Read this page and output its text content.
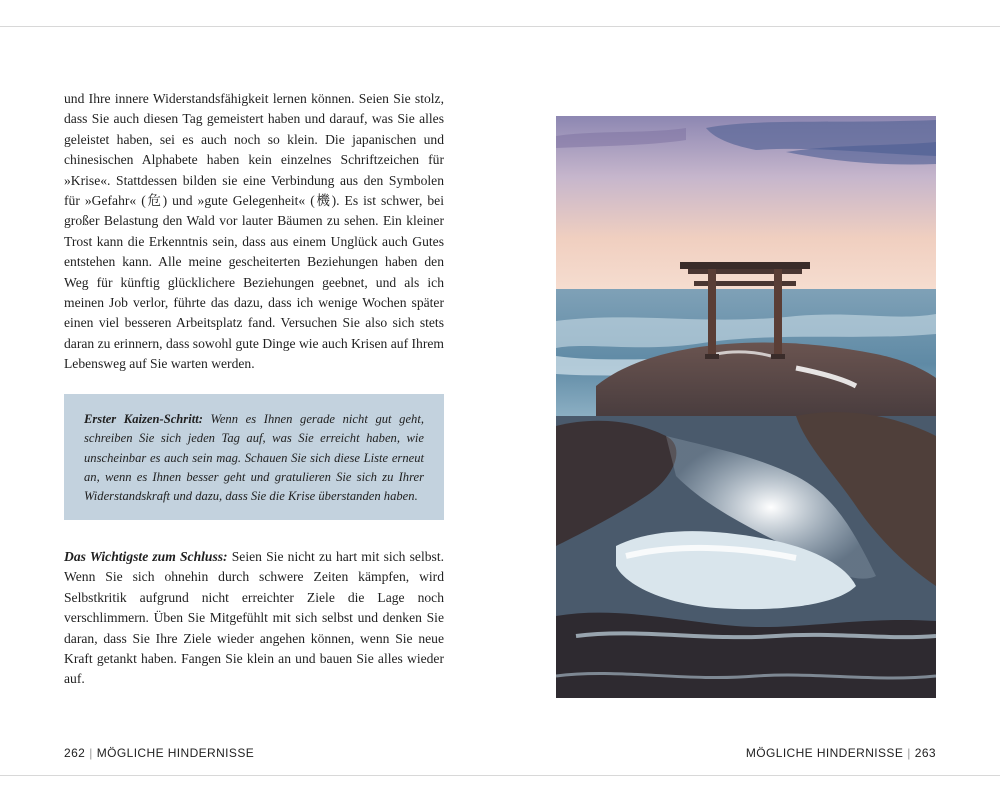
und Ihre innere Widerstandsfähigkeit lernen können. Seien Sie stolz, dass Sie auch diesen Tag gemeistert haben und darauf, was Sie alles geleistet haben, sei es auch noch so klein. Die japanischen und chinesischen Alphabete haben kein einzelnes Schriftzeichen für »Krise«. Stattdessen bilden sie eine Verbindung aus den Symbolen für »Gefahr« (危) und »gute Gelegenheit« (機). Es ist schwer, bei großer Belastung den Wald vor lauter Bäumen zu sehen. Ein kleiner Trost kann die Erkenntnis sein, dass aus einem Unglück auch Gutes entstehen kann. Alle meine gescheiterten Beziehungen haben den Weg für künftig glücklichere Beziehungen geebnet, und als ich meinen Job verlor, führte das dazu, dass ich wenige Wochen später einen viel besseren Arbeitsplatz fand. Versuchen Sie also sich stets daran zu erinnern, dass sowohl gute Dinge wie auch Krisen auf Ihrem Lebensweg auf Sie warten werden.

Erster Kaizen-Schritt: Wenn es Ihnen gerade nicht gut geht, schreiben Sie sich jeden Tag auf, was Sie erreicht haben, wie unscheinbar es auch sein mag. Schauen Sie sich diese Liste erneut an, wenn es Ihnen besser geht und gratulieren Sie sich zu Ihrer Widerstandskraft und dazu, dass Sie die Krise überstanden haben.

Das Wichtigste zum Schluss: Seien Sie nicht zu hart mit sich selbst. Wenn Sie sich ohnehin durch schwere Zeiten kämpfen, wird Selbstkritik aufgrund nicht erreichter Ziele die Lage noch verschlimmern. Üben Sie Mitgefühlt mit sich selbst und denken Sie daran, dass Sie Ihre Ziele wieder angehen können, wenn Sie neue Kraft getankt haben. Fangen Sie klein an und bauen Sie alles wieder auf.

262 | MÖGLICHE HINDERNISSE	MÖGLICHE HINDERNISSE | 263
